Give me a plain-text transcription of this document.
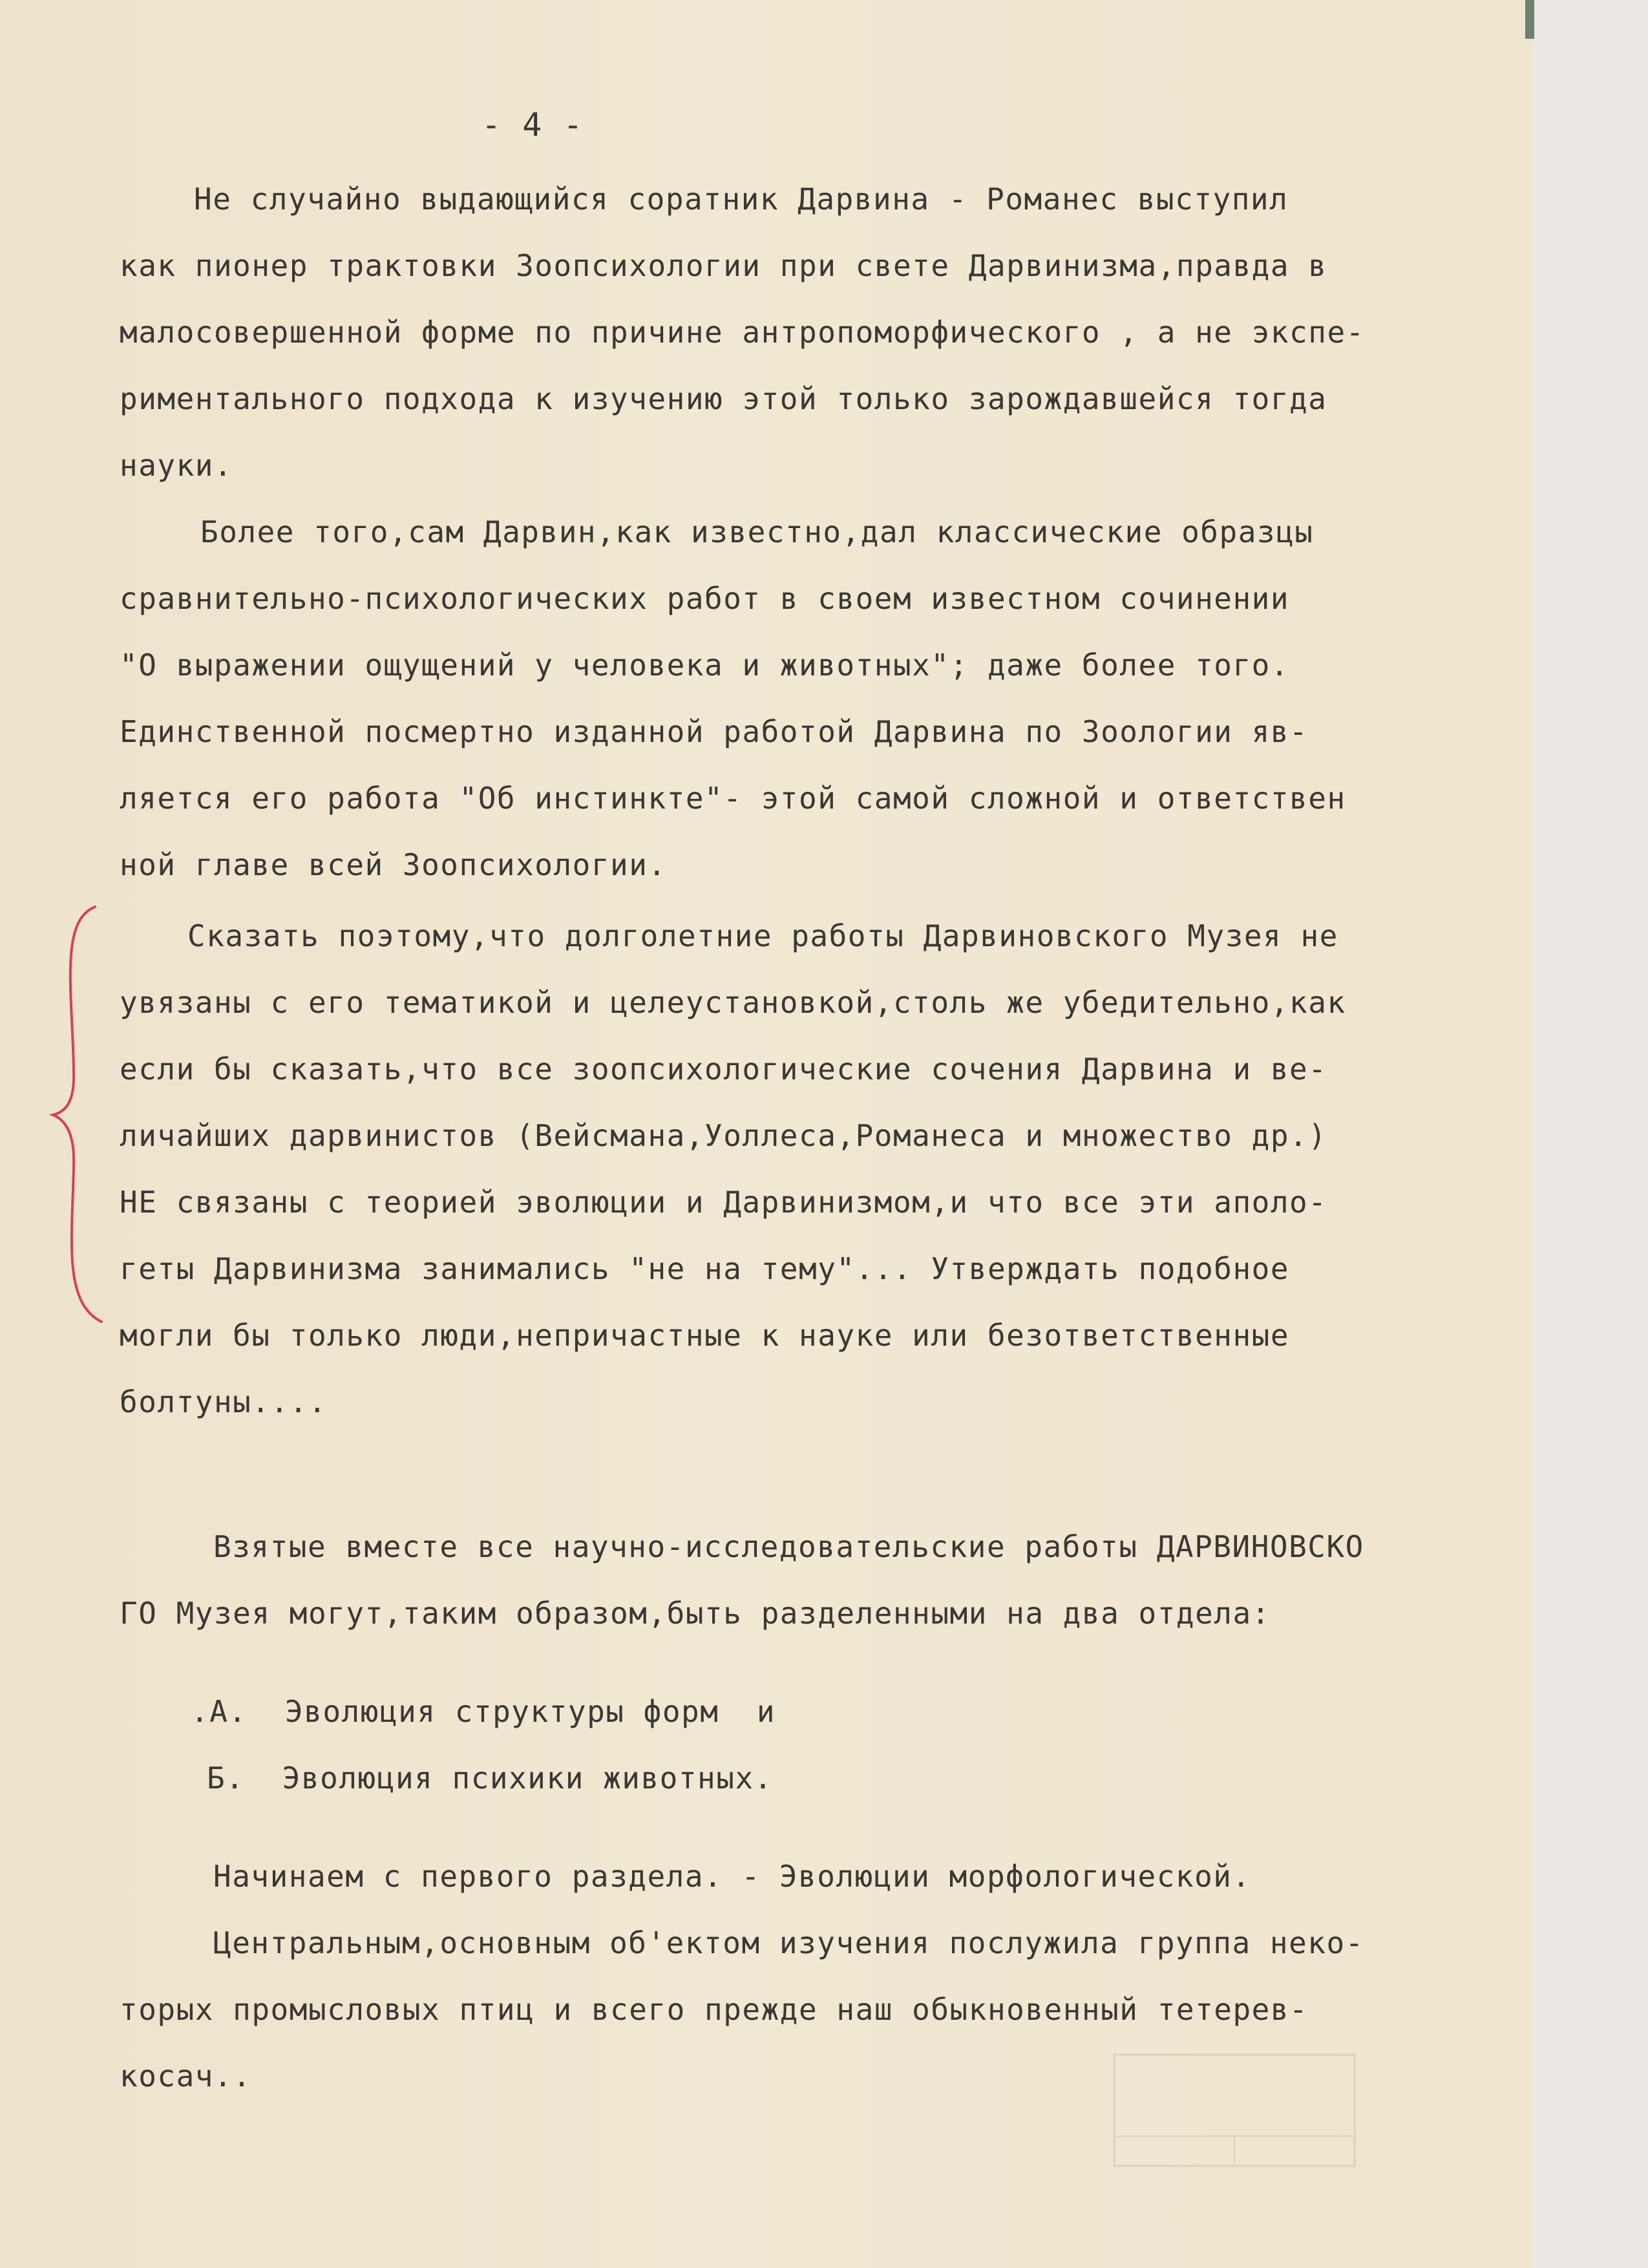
- 4 -
Не случайно выдающийся соратник Дарвина - Романес выступил
как пионер трактовки Зоопсихологии при свете Дарвинизма,правда в
малосовершенной форме по причине антропоморфического , а не экспе-
риментального подхода к изучению этой только зарождавшейся тогда
науки.
Более того,сам Дарвин,как известно,дал классические образцы
сравнительно-психологических работ в своем известном сочинении
"О выражении ощущений у человека и животных"; даже более того.
Единственной посмертно изданной работой Дарвина по Зоологии яв-
ляется его работа "Об инстинкте"- этой самой сложной и ответствен
ной главе всей Зоопсихологии.
Сказать поэтому,что долголетние работы Дарвиновского Музея не
увязаны с его тематикой и целеустановкой,столь же убедительно,как
если бы сказать,что все зоопсихологические сочения Дарвина и ве-
личайших дарвинистов (Вейсмана,Уоллеса,Романеса и множество др.)
НЕ связаны с теорией эволюции и Дарвинизмом,и что все эти аполо-
геты Дарвинизма занимались "не на тему"... Утверждать подобное
могли бы только люди,непричастные к науке или безответственные
болтуны....
Взятые вместе все научно-исследовательские работы ДАРВИНОВСКО
ГО Музея могут,таким образом,быть разделенными на два отдела:
.А.  Эволюция структуры форм  и
Б.  Эволюция психики животных.
Начинаем с первого раздела. - Эволюции морфологической.
Центральным,основным об'ектом изучения послужила группа неко-
торых промысловых птиц и всего прежде наш обыкновенный тетерев-
косач..
